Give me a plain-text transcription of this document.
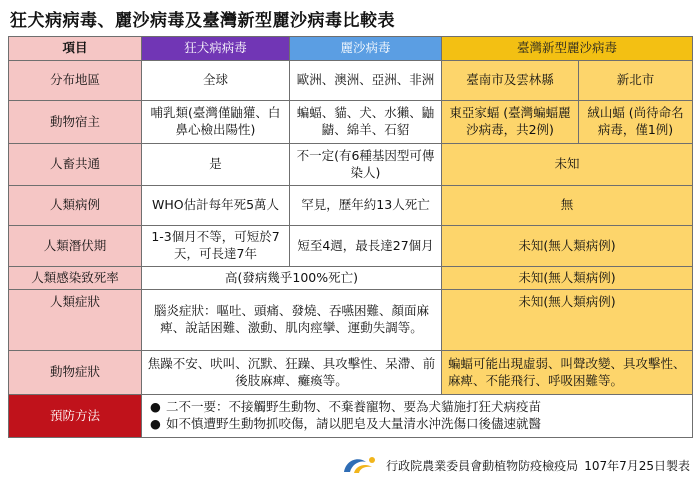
狂犬病病毒、麗沙病毒及臺灣新型麗沙病毒比較表
項目	狂犬病病毒	麗沙病毒	臺灣新型麗沙病毒	
分布地區	全球	歐洲、澳洲、亞洲、非洲	臺南市及雲林縣	新北市
動物宿主	哺乳類(臺灣僅鼬獾、白鼻心檢出陽性)	蝙蝠、貓、犬、水獺、鼬鼱、綿羊、石貂	東亞家蝠 (臺灣蝙蝠麗沙病毒，共2例)	絨山蝠 (尚待命名病毒，僅1例)
人畜共通	是	不一定(有6種基因型可傳染人)	未知	
人類病例	WHO估計每年死5萬人	罕見，歷年約13人死亡	無	
人類潛伏期	1-3個月不等，可短於7天，可長達7年	短至4週，最長達27個月	未知(無人類病例)	
人類感染致死率	高(發病幾乎100%死亡)		未知(無人類病例)	
人類症狀	腦炎症狀：嘔吐、頭痛、發燒、吞嚥困難、顏面麻痺、說話困難、激動、肌肉痙攣、運動失調等。		未知(無人類病例)	
動物症狀	焦躁不安、吠叫、沉默、狂躁、具攻擊性、呆滯、前後肢麻痺、癱瘓等。		蝙蝠可能出現虛弱、叫聲改變、具攻擊性、麻痺、不能飛行、呼吸困難等。	
預防方法	● 二不一要：不接觸野生動物、不棄養寵物、要為犬貓施打狂犬病疫苗
● 如不慎遭野生動物抓咬傷，請以肥皂及大量清水沖洗傷口後儘速就醫			
行政院農業委員會動植物防疫檢疫局 107年7月25日製表
